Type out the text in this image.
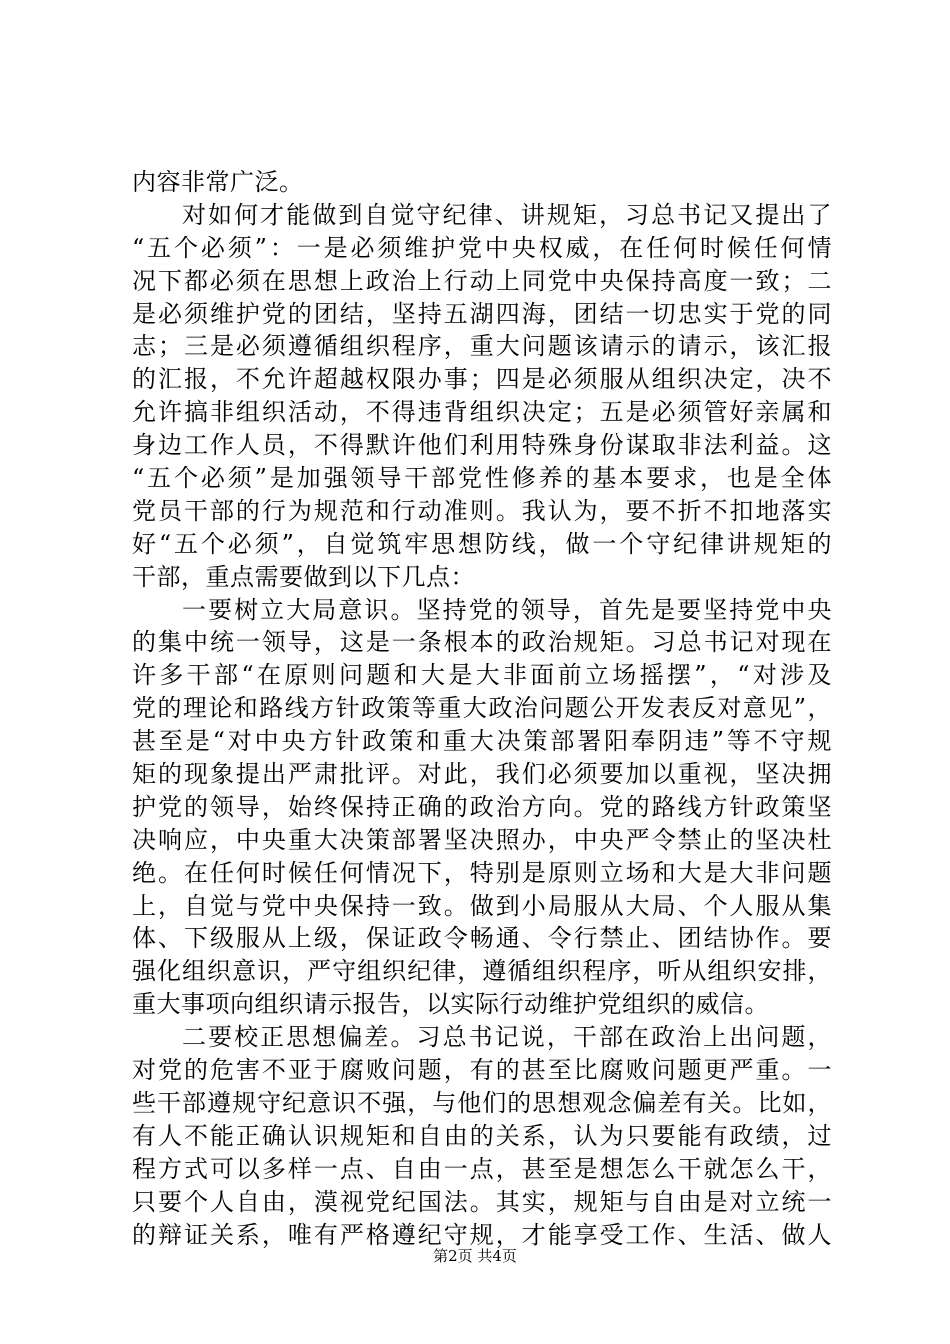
内容非常广泛。
对如何才能做到自觉守纪律、讲规矩，习总书记又提出了
“五个必须”：一是必须维护党中央权威，在任何时候任何情
况下都必须在思想上政治上行动上同党中央保持高度一致；二
是必须维护党的团结，坚持五湖四海，团结一切忠实于党的同
志；三是必须遵循组织程序，重大问题该请示的请示，该汇报
的汇报，不允许超越权限办事；四是必须服从组织决定，决不
允许搞非组织活动，不得违背组织决定；五是必须管好亲属和
身边工作人员，不得默许他们利用特殊身份谋取非法利益。这
“五个必须”是加强领导干部党性修养的基本要求，也是全体
党员干部的行为规范和行动准则。我认为，要不折不扣地落实
好“五个必须”，自觉筑牢思想防线，做一个守纪律讲规矩的
干部，重点需要做到以下几点：
一要树立大局意识。坚持党的领导，首先是要坚持党中央
的集中统一领导，这是一条根本的政治规矩。习总书记对现在
许多干部“在原则问题和大是大非面前立场摇摆”，“对涉及
党的理论和路线方针政策等重大政治问题公开发表反对意见”，
甚至是“对中央方针政策和重大决策部署阳奉阴违”等不守规
矩的现象提出严肃批评。对此，我们必须要加以重视，坚决拥
护党的领导，始终保持正确的政治方向。党的路线方针政策坚
决响应，中央重大决策部署坚决照办，中央严令禁止的坚决杜
绝。在任何时候任何情况下，特别是原则立场和大是大非问题
上，自觉与党中央保持一致。做到小局服从大局、个人服从集
体、下级服从上级，保证政令畅通、令行禁止、团结协作。要
强化组织意识，严守组织纪律，遵循组织程序，听从组织安排，
重大事项向组织请示报告，以实际行动维护党组织的威信。
二要校正思想偏差。习总书记说，干部在政治上出问题，
对党的危害不亚于腐败问题，有的甚至比腐败问题更严重。一
些干部遵规守纪意识不强，与他们的思想观念偏差有关。比如，
有人不能正确认识规矩和自由的关系，认为只要能有政绩，过
程方式可以多样一点、自由一点，甚至是想怎么干就怎么干，
只要个人自由，漠视党纪国法。其实，规矩与自由是对立统一
的辩证关系，唯有严格遵纪守规，才能享受工作、生活、做人
第2页 共4页
